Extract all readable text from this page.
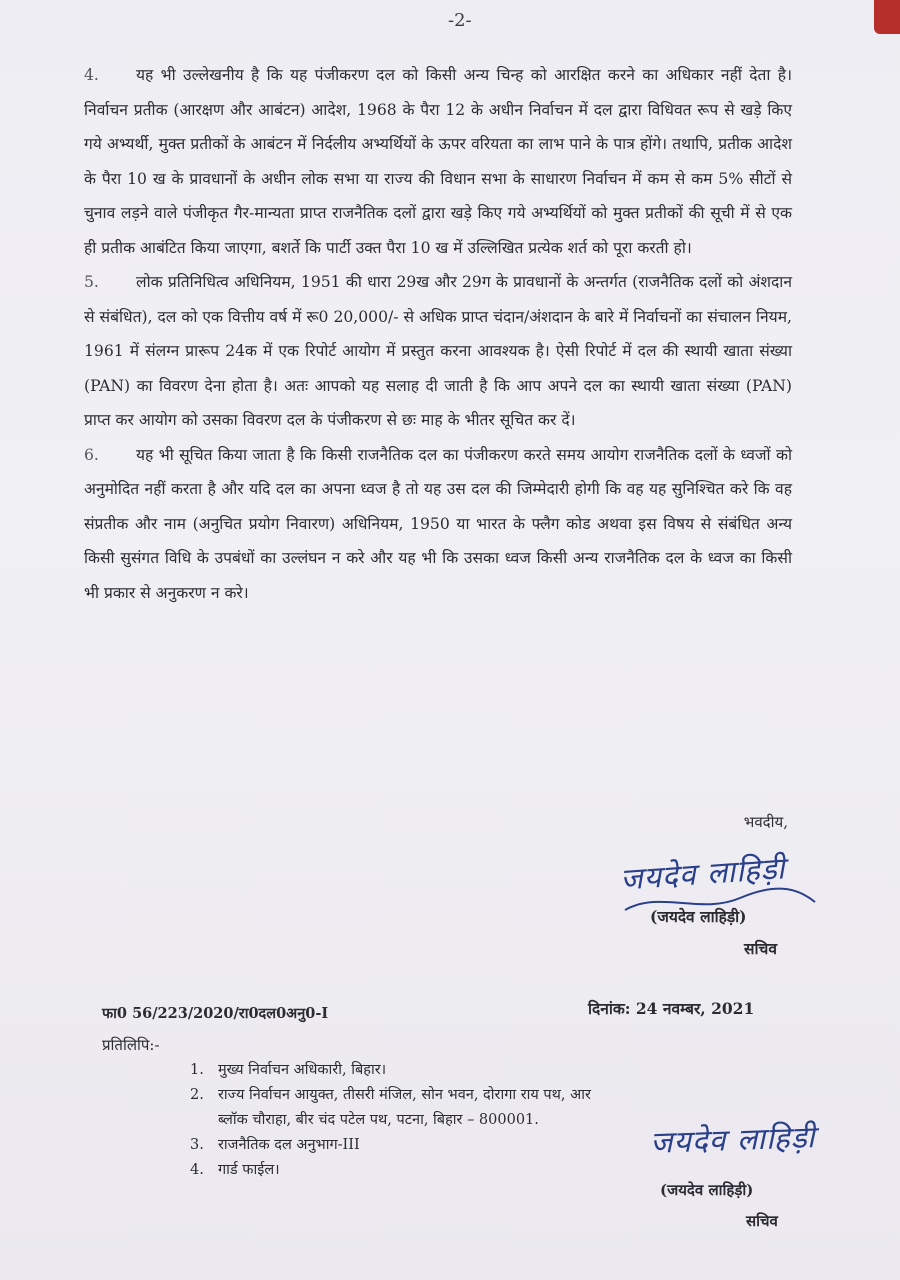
-2-

4. यह भी उल्लेखनीय है कि यह पंजीकरण दल को किसी अन्य चिन्ह को आरक्षित करने का अधिकार नहीं देता है। निर्वाचन प्रतीक (आरक्षण और आबंटन) आदेश, 1968 के पैरा 12 के अधीन निर्वाचन में दल द्वारा विधिवत रूप से खड़े किए गये अभ्यर्थी, मुक्त प्रतीकों के आबंटन में निर्दलीय अभ्यर्थियों के ऊपर वरियता का लाभ पाने के पात्र होंगे। तथापि, प्रतीक आदेश के पैरा 10 ख के प्रावधानों के अधीन लोक सभा या राज्य की विधान सभा के साधारण निर्वाचन में कम से कम 5% सीटों से चुनाव लड़ने वाले पंजीकृत गैर-मान्यता प्राप्त राजनैतिक दलों द्वारा खड़े किए गये अभ्यर्थियों को मुक्त प्रतीकों की सूची में से एक ही प्रतीक आबंटित किया जाएगा, बशर्ते कि पार्टी उक्त पैरा 10 ख में उल्लिखित प्रत्येक शर्त को पूरा करती हो।

5. लोक प्रतिनिधित्व अधिनियम, 1951 की धारा 29ख और 29ग के प्रावधानों के अन्तर्गत (राजनैतिक दलों को अंशदान से संबंधित), दल को एक वित्तीय वर्ष में रू0 20,000/- से अधिक प्राप्त चंदान/अंशदान के बारे में निर्वाचनों का संचालन नियम, 1961 में संलग्न प्रारूप 24क में एक रिपोर्ट आयोग में प्रस्तुत करना आवश्यक है। ऐसी रिपोर्ट में दल की स्थायी खाता संख्या (PAN) का विवरण देना होता है। अतः आपको यह सलाह दी जाती है कि आप अपने दल का स्थायी खाता संख्या (PAN) प्राप्त कर आयोग को उसका विवरण दल के पंजीकरण से छः माह के भीतर सूचित कर दें।

6. यह भी सूचित किया जाता है कि किसी राजनैतिक दल का पंजीकरण करते समय आयोग राजनैतिक दलों के ध्वजों को अनुमोदित नहीं करता है और यदि दल का अपना ध्वज है तो यह उस दल की जिम्मेदारी होगी कि वह यह सुनिश्चित करे कि वह संप्रतीक और नाम (अनुचित प्रयोग निवारण) अधिनियम, 1950 या भारत के फ्लैग कोड अथवा इस विषय से संबंधित अन्य किसी सुसंगत विधि के उपबंधों का उल्लंघन न करे और यह भी कि उसका ध्वज किसी अन्य राजनैतिक दल के ध्वज का किसी भी प्रकार से अनुकरण न करे।

भवदीय,
जयदेव लाहिड़ी
(जयदेव लाहिड़ी)
सचिव
फा0 56/223/2020/रा0दल0अनु0-I	दिनांक: 24 नवम्बर, 2021
प्रतिलिपि:-
1. मुख्य निर्वाचन अधिकारी, बिहार।
2. राज्य निर्वाचन आयुक्त, तीसरी मंजिल, सोन भवन, दोरागा राय पथ, आर ब्लॉक चौराहा, बीर चंद पटेल पथ, पटना, बिहार – 800001.
3. राजनैतिक दल अनुभाग-III
4. गार्ड फाईल।
जयदेव लाहिड़ी
(जयदेव लाहिड़ी)
सचिव
